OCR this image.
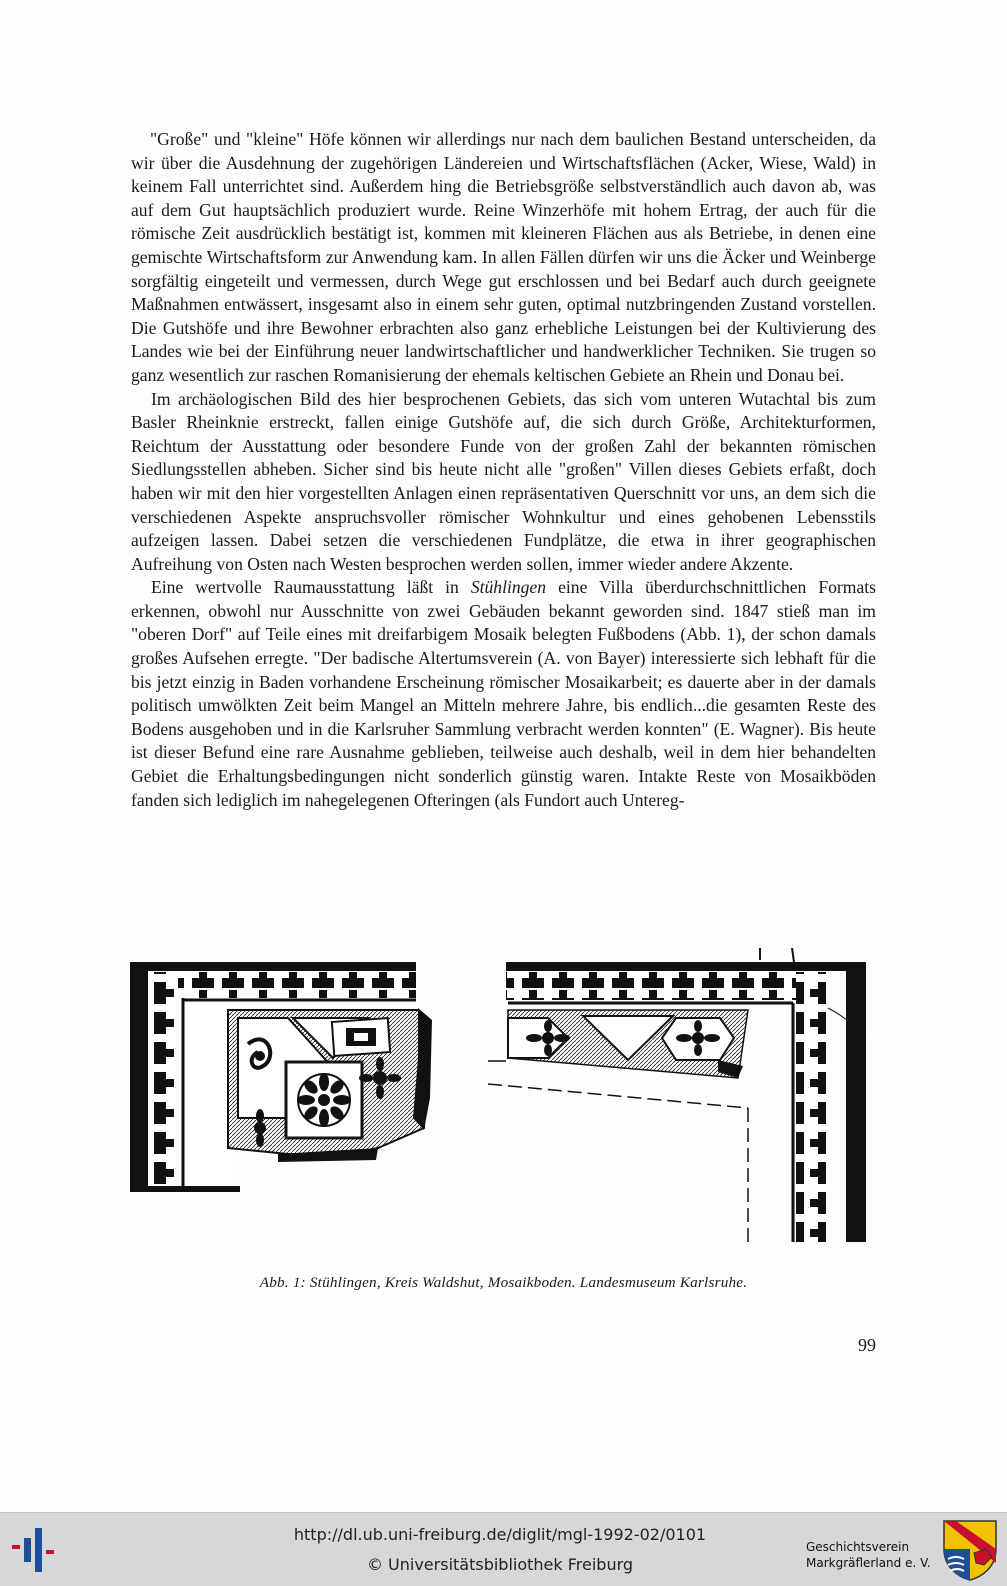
"Große" und "kleine" Höfe können wir allerdings nur nach dem baulichen Bestand unterscheiden, da wir über die Ausdehnung der zugehörigen Ländereien und Wirtschaftsflächen (Acker, Wiese, Wald) in keinem Fall unterrichtet sind. Außerdem hing die Betriebsgröße selbstverständlich auch davon ab, was auf dem Gut hauptsächlich produziert wurde. Reine Winzerhöfe mit hohem Ertrag, der auch für die römische Zeit ausdrücklich bestätigt ist, kommen mit kleineren Flächen aus als Betriebe, in denen eine gemischte Wirtschaftsform zur Anwendung kam. In allen Fällen dürfen wir uns die Äcker und Weinberge sorgfältig eingeteilt und vermessen, durch Wege gut erschlossen und bei Bedarf auch durch geeignete Maßnahmen entwässert, insgesamt also in einem sehr guten, optimal nutzbringenden Zustand vorstellen. Die Gutshöfe und ihre Bewohner erbrachten also ganz erhebliche Leistungen bei der Kultivierung des Landes wie bei der Einführung neuer landwirtschaftlicher und handwerklicher Techniken. Sie trugen so ganz wesentlich zur raschen Romanisierung der ehemals keltischen Gebiete an Rhein und Donau bei.

Im archäologischen Bild des hier besprochenen Gebiets, das sich vom unteren Wutachtal bis zum Basler Rheinknie erstreckt, fallen einige Gutshöfe auf, die sich durch Größe, Architekturformen, Reichtum der Ausstattung oder besondere Funde von der großen Zahl der bekannten römischen Siedlungsstellen abheben. Sicher sind bis heute nicht alle "großen" Villen dieses Gebiets erfaßt, doch haben wir mit den hier vorgestellten Anlagen einen repräsentativen Querschnitt vor uns, an dem sich die verschiedenen Aspekte anspruchsvoller römischer Wohnkultur und eines gehobenen Lebensstils aufzeigen lassen. Dabei setzen die verschiedenen Fundplätze, die etwa in ihrer geographischen Aufreihung von Osten nach Westen besprochen werden sollen, immer wieder andere Akzente.

Eine wertvolle Raumausstattung läßt in Stühlingen eine Villa überdurchschnittlichen Formats erkennen, obwohl nur Ausschnitte von zwei Gebäuden bekannt geworden sind. 1847 stieß man im "oberen Dorf" auf Teile eines mit dreifarbigem Mosaik belegten Fußbodens (Abb. 1), der schon damals großes Aufsehen erregte. "Der badische Altertumsverein (A. von Bayer) interessierte sich lebhaft für die bis jetzt einzig in Baden vorhandene Erscheinung römischer Mosaikarbeit; es dauerte aber in der damals politisch umwölkten Zeit beim Mangel an Mitteln mehrere Jahre, bis endlich...die gesamten Reste des Bodens ausgehoben und in die Karlsruher Sammlung verbracht werden konnten" (E. Wagner). Bis heute ist dieser Befund eine rare Ausnahme geblieben, teilweise auch deshalb, weil in dem hier behandelten Gebiet die Erhaltungsbedingungen nicht sonderlich günstig waren. Intakte Reste von Mosaikböden fanden sich lediglich im nahegelegenen Ofteringen (als Fundort auch Untereg-

Abb. 1: Stühlingen, Kreis Waldshut, Mosaikboden. Landesmuseum Karlsruhe.
99
http://dl.ub.uni-freiburg.de/diglit/mgl-1992-02/0101
© Universitätsbibliothek Freiburg
Geschichtsverein
Markgräflerland e. V.
